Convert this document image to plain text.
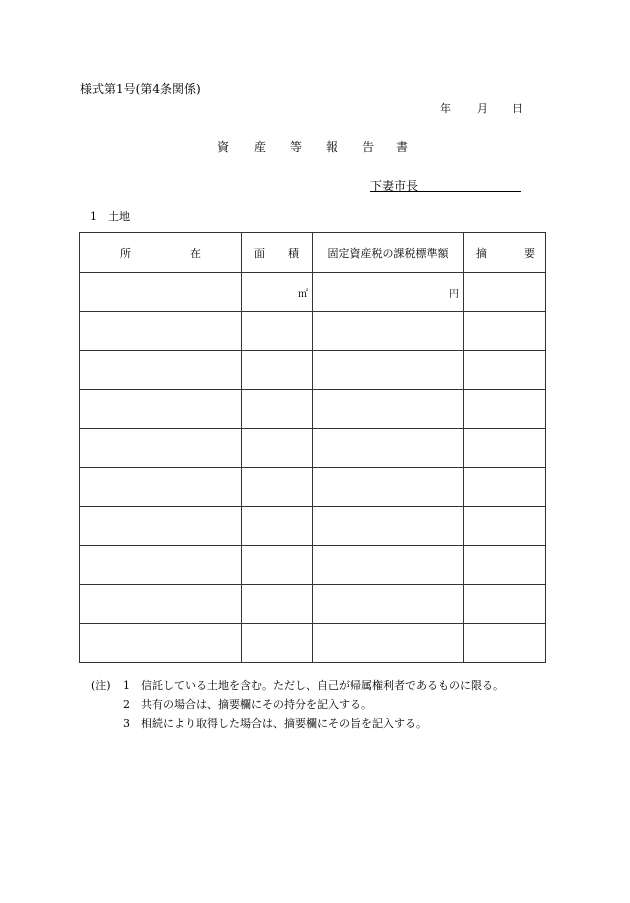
様式第1号(第4条関係)
年 月 日
資 産 等 報 告 書
下妻市長
1　土地
所 在	面 積	固定資産税の課税標準額	摘 要

	㎡	円	

(注)	1	信託している土地を含む。ただし、自己が帰属権利者であるものに限る。
2	共有の場合は、摘要欄にその持分を記入する。
3	相続により取得した場合は、摘要欄にその旨を記入する。
